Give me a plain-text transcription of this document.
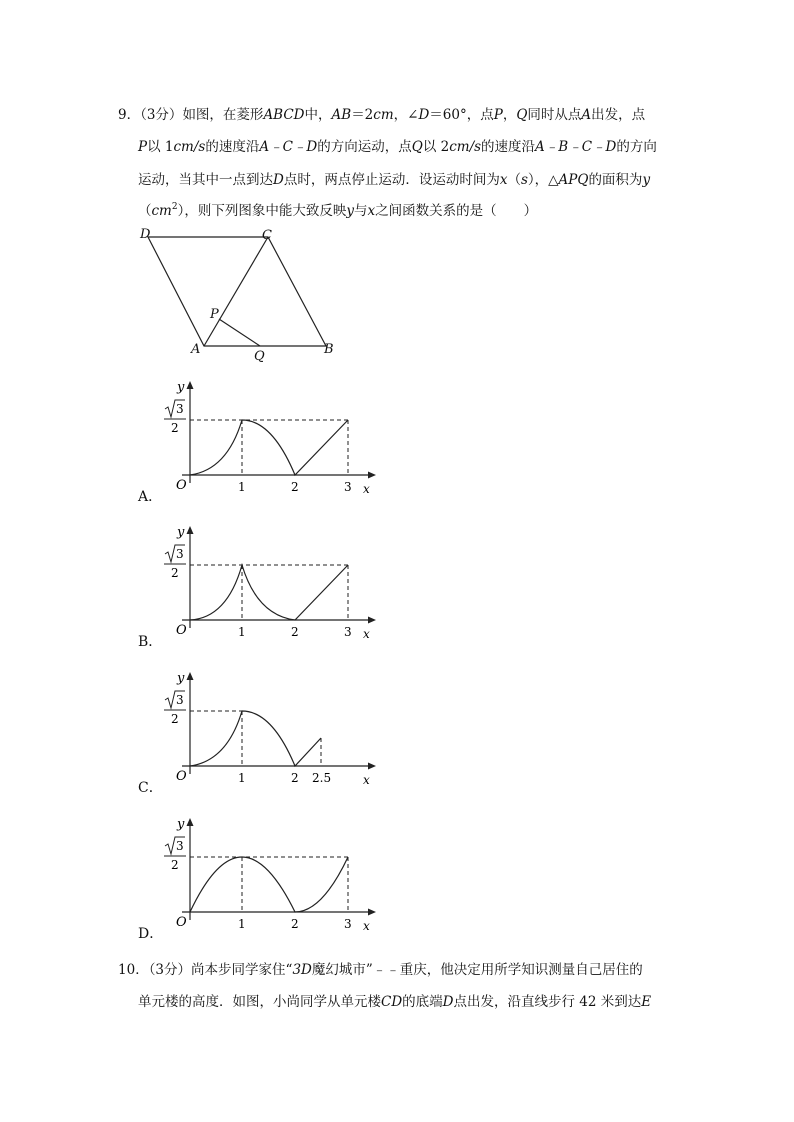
9．（3分）如图，在菱形ABCD中，AB＝2cm，∠D＝60°，点P，Q同时从点A出发，点
P以 1cm/s的速度沿A﹣C﹣D的方向运动，点Q以 2cm/s的速度沿A﹣B﹣C﹣D的方向
运动，当其中一点到达D点时，两点停止运动．设运动时间为x（s），△APQ的面积为y
$(cm^2)$，则下列图象中能大致反映y与x之间函数关系的是（　　）
D	C
P
A	Q	B
y
O	x
1	2	3
3
2
y
O	x
1	2	3
3
2
y
O	x
1	2 2.5
3
2
y
O	x
1	2	3
3
2
A．
B．
C．
D．
10．（3分）尚本步同学家住“3D魔幻城市”﹣﹣重庆，他决定用所学知识测量自己居住的
单元楼的高度．如图，小尚同学从单元楼CD的底端D点出发，沿直线步行 42 米到达E
